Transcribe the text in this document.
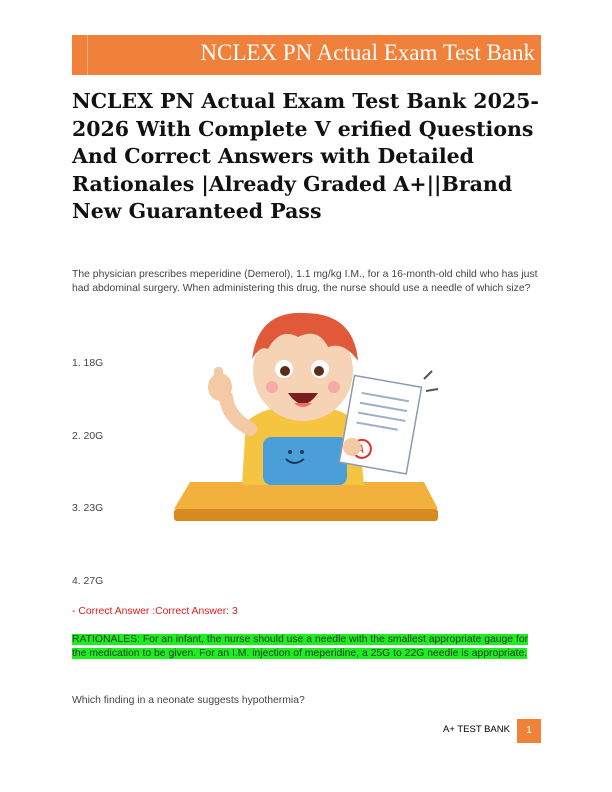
NCLEX PN Actual Exam Test Bank
NCLEX PN Actual Exam Test Bank 2025-2026 With Complete V erified Questions And Correct Answers with Detailed Rationales |Already Graded A+||Brand New Guaranteed Pass

The physician prescribes meperidine (Demerol), 1.1 mg/kg I.M., for a 16-month-old child who has just had abdominal surgery. When administering this drug, the nurse should use a needle of which size?

1. 18G
2. 20G
3. 23G
4. 27G
- Correct Answer :Correct Answer: 3

RATIONALES: For an infant, the nurse should use a needle with the smallest appropriate gauge for the medication to be given. For an I.M. injection of meperidine, a 25G to 22G needle is appropriate.

Which finding in a neonate suggests hypothermia?

A+ TEST BANK	1
